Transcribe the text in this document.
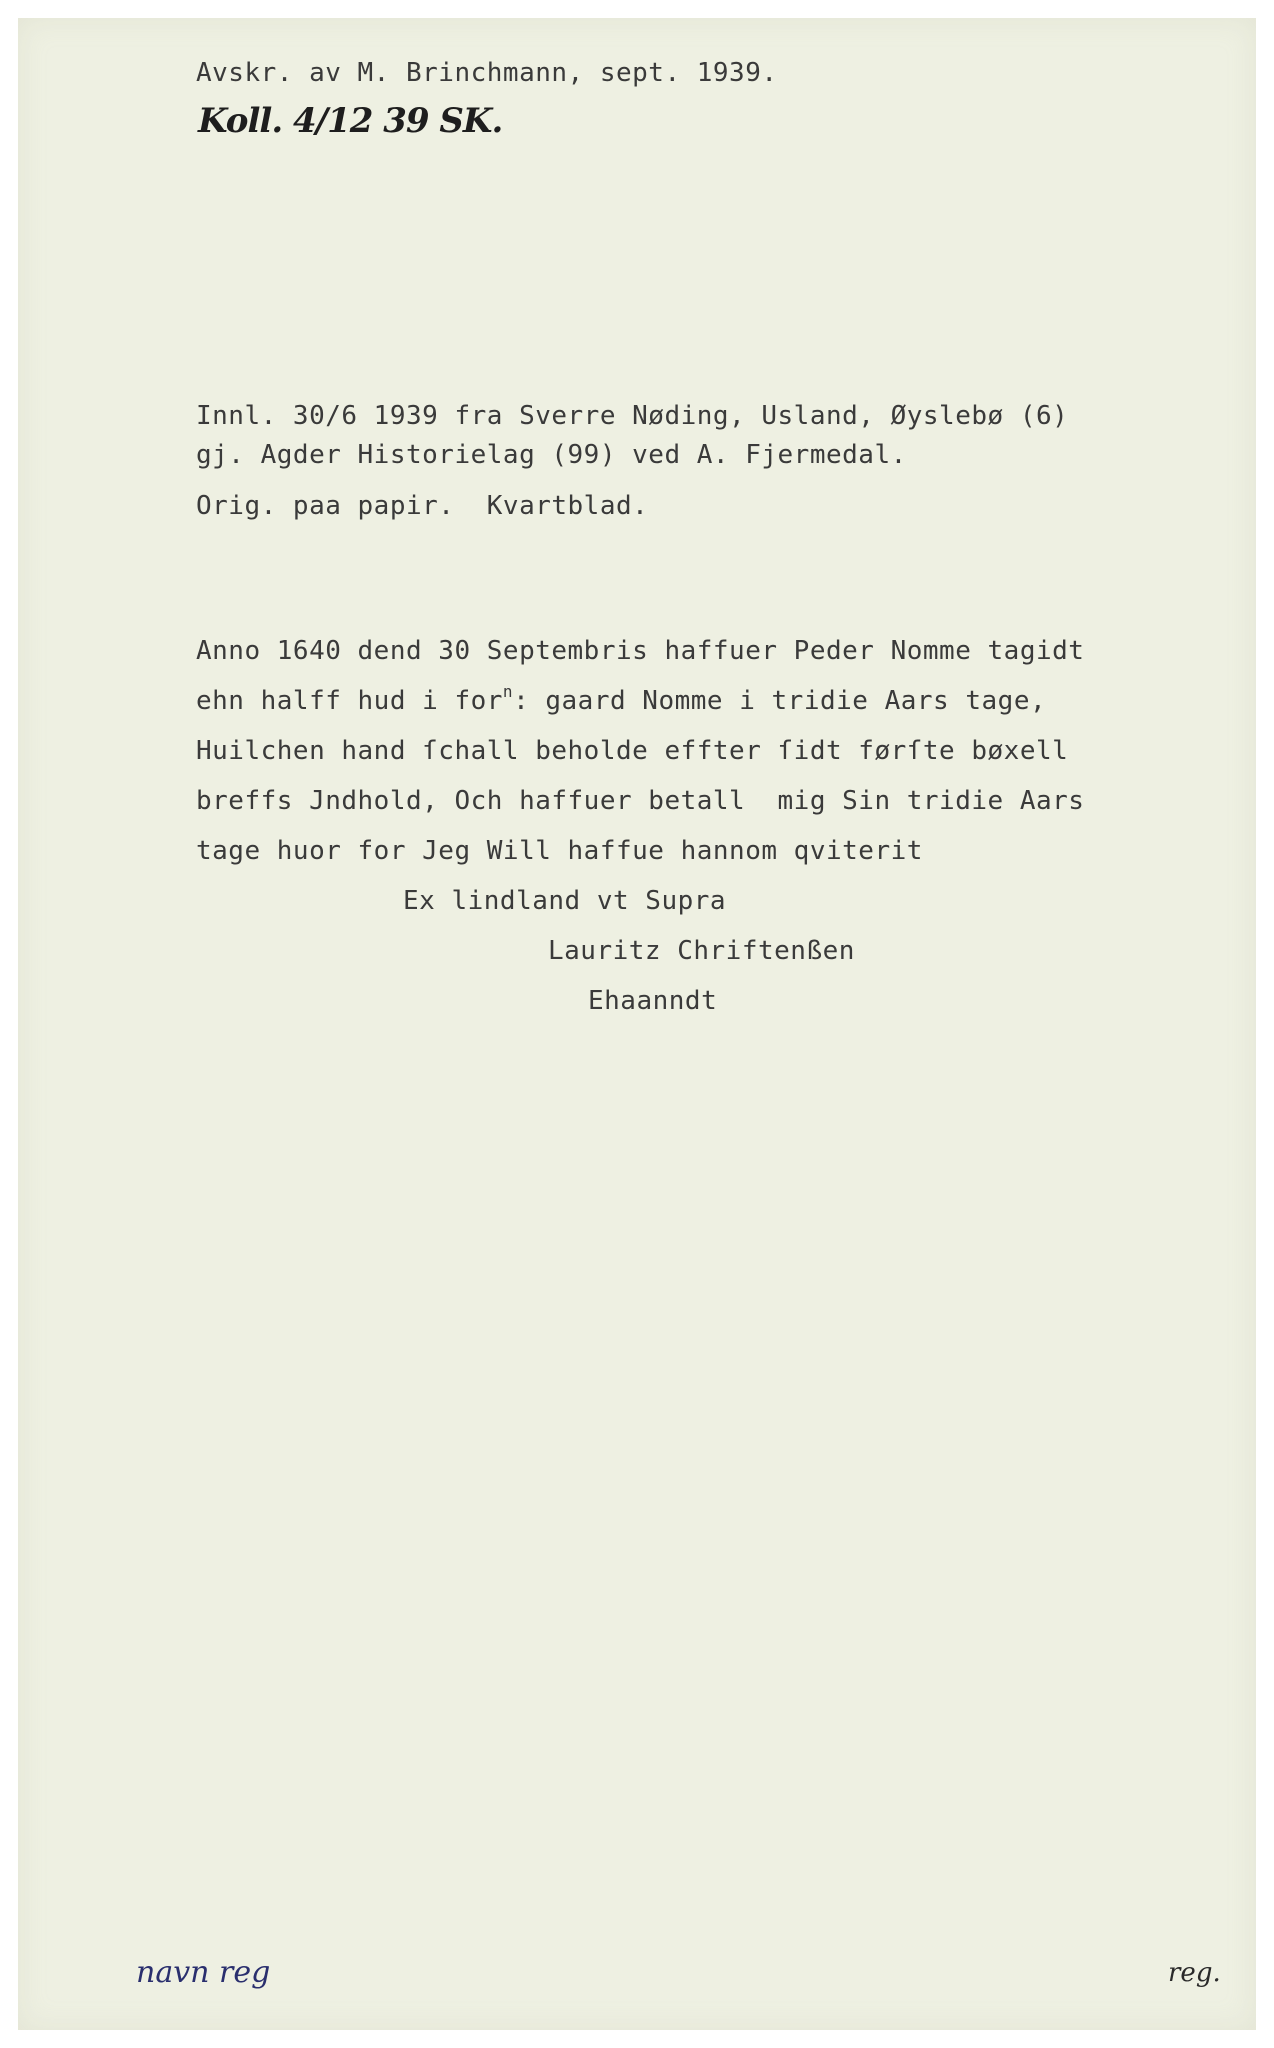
Avskr. av M. Brinchmann, sept. 1939.
Koll. 4/12 39 SK.
Innl. 30/6 1939 fra Sverre Nøding, Usland, Øyslebø (6)
gj. Agder Historielag (99) ved A. Fjermedal.
Orig. paa papir.  Kvartblad.
Anno 1640 dend 30 Septembris haffuer Peder Nomme tagidt
ehn halff hud i for$^n$: gaard Nomme i tridie Aars tage,
Huilchen hand ſchall beholde effter ſidt førſte bøxell
breffs Jndhold, Och haffuer betall  mig Sin tridie Aars
tage huor for Jeg Will haffue hannom qviterit
Ex lindland vt Supra
Lauritz Chriftenßen
Ehaanndt
navn reg	reg.
